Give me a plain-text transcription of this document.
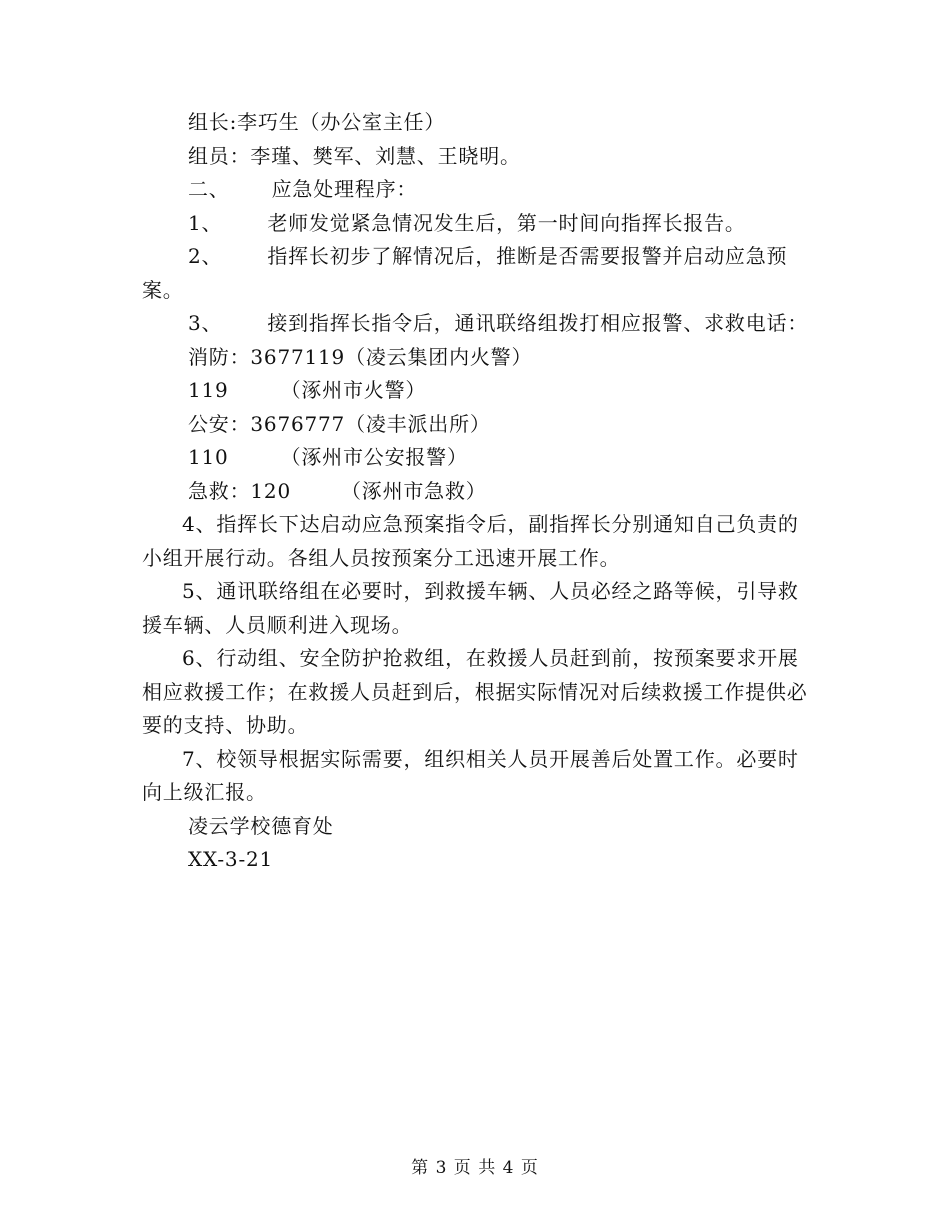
组长:李巧生（办公室主任）

组员：李瑾、樊军、刘慧、王晓明。

二、 应急处理程序：

1、 老师发觉紧急情况发生后，第一时间向指挥长报告。

2、 指挥长初步了解情况后，推断是否需要报警并启动应急预案。

3、 接到指挥长指令后，通讯联络组拨打相应报警、求救电话：

消防：3677119（凌云集团内火警）

119	（涿州市火警）

公安：3676777（凌丰派出所）

110	（涿州市公安报警）

急救：120	（涿州市急救）

4、指挥长下达启动应急预案指令后，副指挥长分别通知自己负责的小组开展行动。各组人员按预案分工迅速开展工作。

5、通讯联络组在必要时，到救援车辆、人员必经之路等候，引导救援车辆、人员顺利进入现场。

6、行动组、安全防护抢救组，在救援人员赶到前，按预案要求开展相应救援工作；在救援人员赶到后，根据实际情况对后续救援工作提供必要的支持、协助。

7、校领导根据实际需要，组织相关人员开展善后处置工作。必要时向上级汇报。

凌云学校德育处

XX-3-21

第 3 页 共 4 页
